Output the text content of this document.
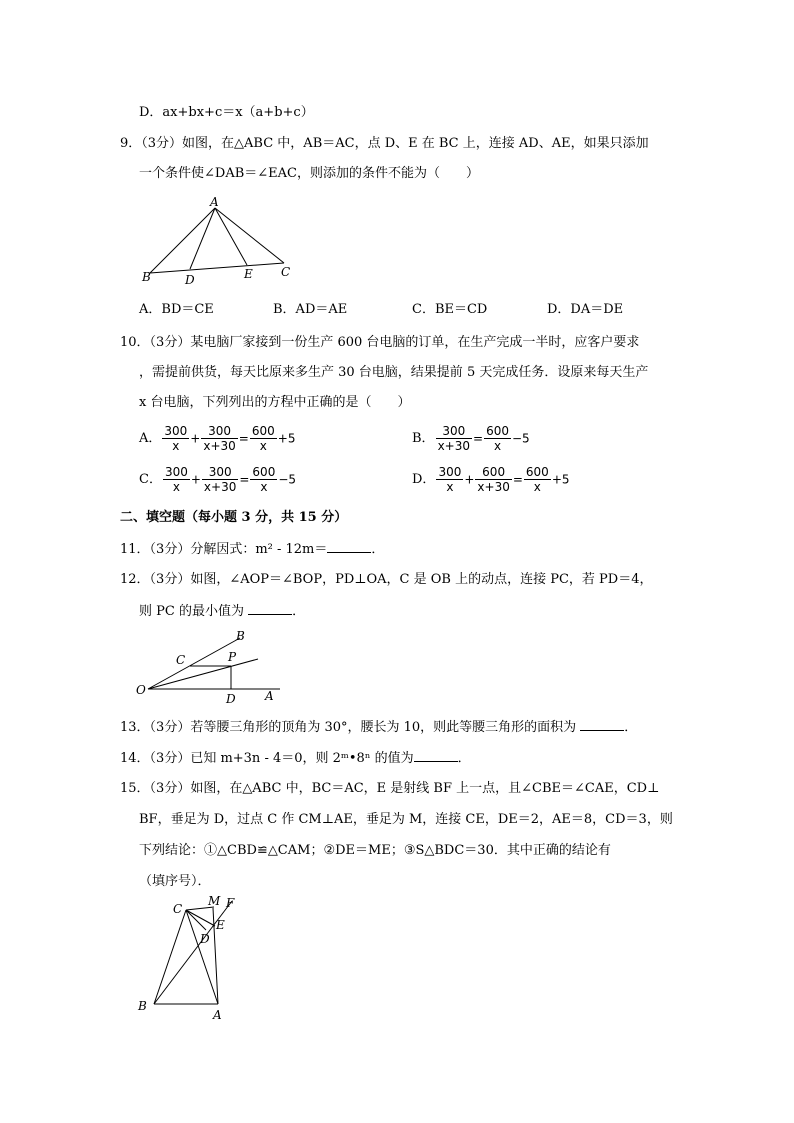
D．ax+bx+c＝x（a+b+c）
9．（3分）如图，在△ABC 中，AB＝AC，点 D、E 在 BC 上，连接 AD、AE，如果只添加
一个条件使∠DAB＝∠EAC，则添加的条件不能为（　　）
A
B	D	E C
A．BD＝CE	B．AD＝AE	C．BE＝CD	D．DA＝DE
10．（3分）某电脑厂家接到一份生产 600 台电脑的订单，在生产完成一半时，应客户要求
，需提前供货，每天比原来多生产 30 台电脑，结果提前 5 天完成任务．设原来每天生产
x 台电脑，下列列出的方程中正确的是（　　）
A． $\frac{300}{x} + \frac{300}{x+30} = \frac{600}{x} +5$	B． $\frac{300}{x+30} = \frac{600}{x} -5$
C． $\frac{300}{x} + \frac{300}{x+30} = \frac{600}{x} -5$	D． $\frac{300}{x} + \frac{600}{x+30} = \frac{600}{x} +5$
二、填空题（每小题 3 分，共 15 分）
11．（3分）分解因式：m² - 12m＝	．
12．（3分）如图，∠AOP＝∠BOP，PD⊥OA，C 是 OB 上的动点，连接 PC，若 PD＝4，
则 PC 的最小值为	．
B
C	P
O
D A
13．（3分）若等腰三角形的顶角为 30°，腰长为 10，则此等腰三角形的面积为	．
14．（3分）已知 m+3n - 4＝0，则 2ᵐ•8ⁿ 的值为	．
15．（3分）如图，在△ABC 中，BC＝AC，E 是射线 BF 上一点，且∠CBE＝∠CAE，CD⊥
BF，垂足为 D，过点 C 作 CM⊥AE，垂足为 M，连接 CE，DE＝2，AE＝8，CD＝3，则
下列结论：①△CBD≌△CAM；②DE＝ME；③S△BDC＝30．其中正确的结论有
（填序号）．
C
M F
E
D
B
A
